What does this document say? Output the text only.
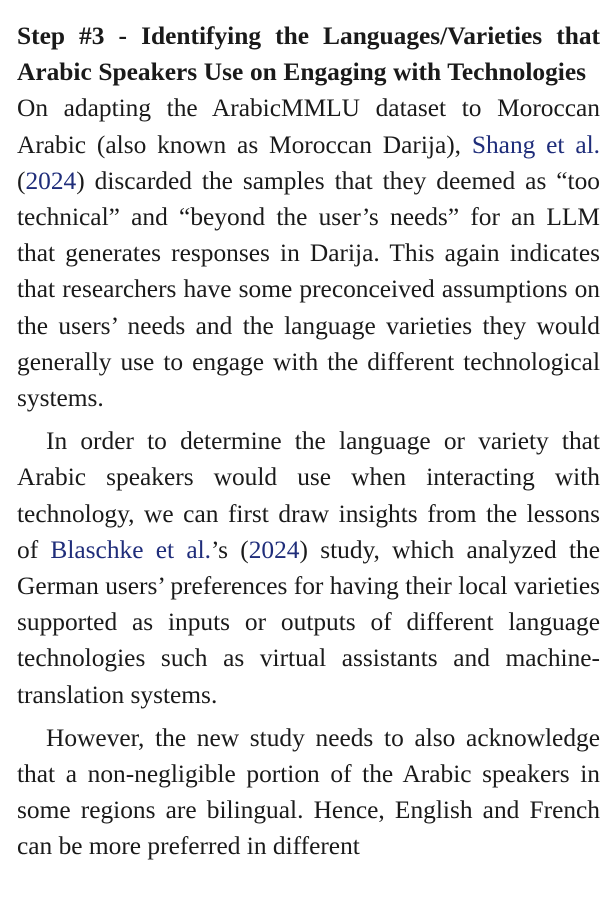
Step #3 - Identifying the Languages/Varieties that Arabic Speakers Use on Engaging with TechnologiesOn adapting the ArabicMMLU dataset to Moroccan Arabic (also known as Moroccan Darija), Shang et al. (2024) discarded the samples that they deemed as “too technical” and “beyond the user’s needs” for an LLM that generates responses in Darija. This again indicates that researchers have some preconceived assumptions on the users’ needs and the language varieties they would generally use to engage with the different technological systems.

In order to determine the language or variety that Arabic speakers would use when interacting with technology, we can first draw insights from the lessons of Blaschke et al.’s (2024) study, which analyzed the German users’ preferences for having their local varieties supported as inputs or outputs of different language technologies such as virtual assistants and machine-translation systems.

However, the new study needs to also acknowledge that a non-negligible portion of the Arabic speakers in some regions are bilingual. Hence, English and French can be more preferred in different
